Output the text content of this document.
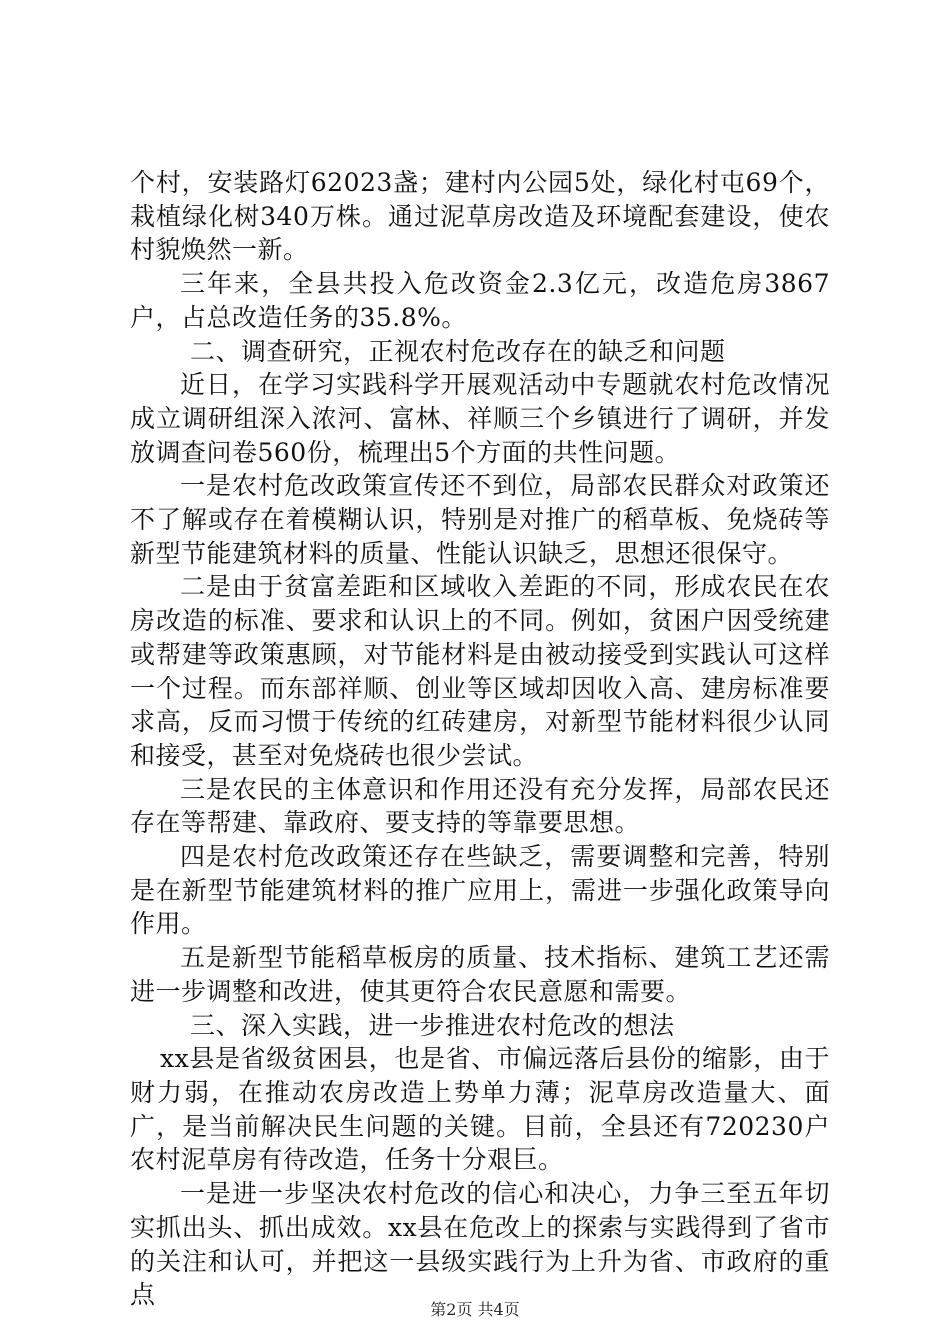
个村，安装路灯62023盏；建村内公园5处，绿化村屯69个，栽植绿化树340万株。通过泥草房改造及环境配套建设，使农村貌焕然一新。

三年来，全县共投入危改资金2.3亿元，改造危房3867户，占总改造任务的35.8%。

二、调查研究，正视农村危改存在的缺乏和问题

近日，在学习实践科学开展观活动中专题就农村危改情况成立调研组深入浓河、富林、祥顺三个乡镇进行了调研，并发放调查问卷560份，梳理出5个方面的共性问题。

一是农村危改政策宣传还不到位，局部农民群众对政策还不了解或存在着模糊认识，特别是对推广的稻草板、免烧砖等新型节能建筑材料的质量、性能认识缺乏，思想还很保守。

二是由于贫富差距和区域收入差距的不同，形成农民在农房改造的标准、要求和认识上的不同。例如，贫困户因受统建或帮建等政策惠顾，对节能材料是由被动接受到实践认可这样一个过程。而东部祥顺、创业等区域却因收入高、建房标准要求高，反而习惯于传统的红砖建房，对新型节能材料很少认同和接受，甚至对免烧砖也很少尝试。

三是农民的主体意识和作用还没有充分发挥，局部农民还存在等帮建、靠政府、要支持的等靠要思想。

四是农村危改政策还存在些缺乏，需要调整和完善，特别是在新型节能建筑材料的推广应用上，需进一步强化政策导向作用。

五是新型节能稻草板房的质量、技术指标、建筑工艺还需进一步调整和改进，使其更符合农民意愿和需要。

三、深入实践，进一步推进农村危改的想法

xx县是省级贫困县，也是省、市偏远落后县份的缩影，由于财力弱，在推动农房改造上势单力薄；泥草房改造量大、面广，是当前解决民生问题的关键。目前，全县还有720230户农村泥草房有待改造，任务十分艰巨。

一是进一步坚决农村危改的信心和决心，力争三至五年切实抓出头、抓出成效。xx县在危改上的探索与实践得到了省市的关注和认可，并把这一县级实践行为上升为省、市政府的重点

第2页 共4页
